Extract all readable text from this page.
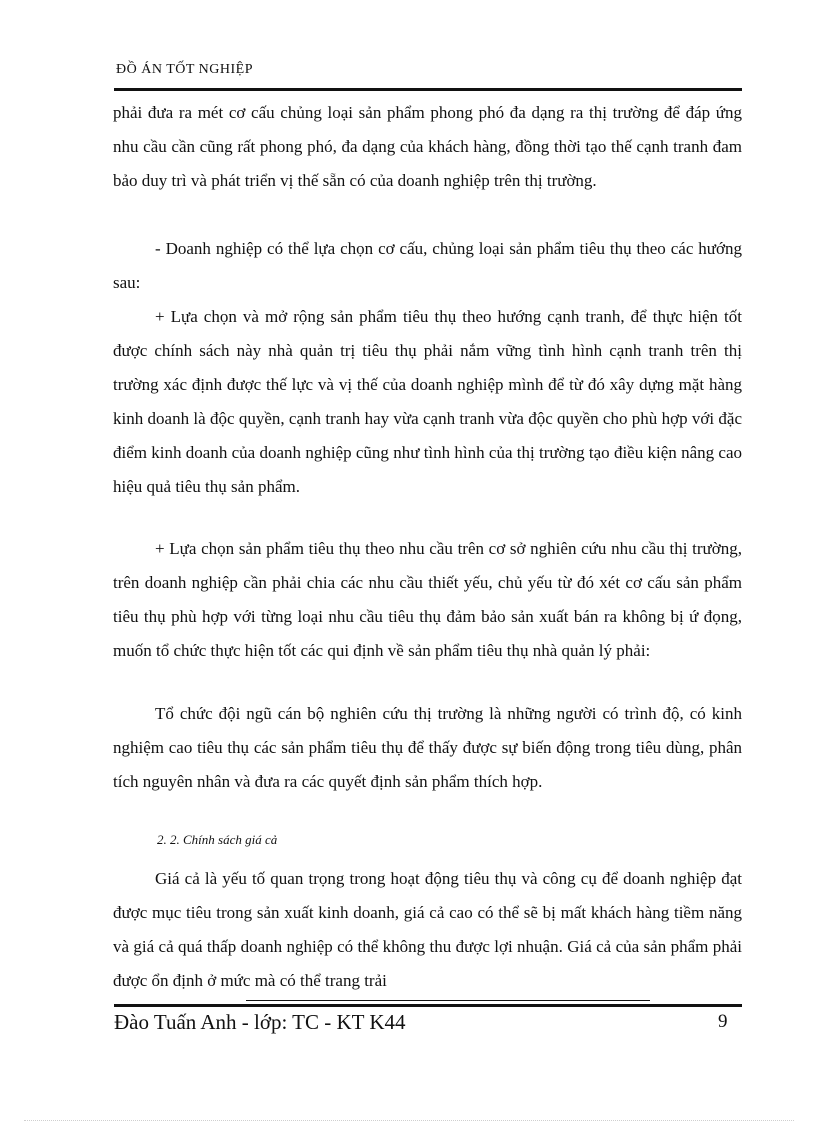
ĐỒ ÁN TỐT NGHIỆP

phải đưa ra mét cơ cấu chủng loại sản phẩm phong phó đa dạng ra thị trường để đáp ứng nhu cầu cần cũng rất phong phó, đa dạng của khách hàng, đồng thời tạo thế cạnh tranh đam bảo duy trì và phát triển vị thế sẵn có của doanh nghiệp trên thị trường.

- Doanh nghiệp có thể lựa chọn cơ cấu, chủng loại sản phẩm tiêu thụ theo các hướng sau:

+ Lựa chọn và mở rộng sản phẩm tiêu thụ theo hướng cạnh tranh, để thực hiện tốt được chính sách này nhà quản trị tiêu thụ phải nắm vững tình hình cạnh tranh trên thị trường xác định được thế lực và vị thế của doanh nghiệp mình để từ đó xây dựng mặt hàng kinh doanh là độc quyền, cạnh tranh hay vừa cạnh tranh vừa độc quyền cho phù hợp với đặc điểm kinh doanh của doanh nghiệp cũng như tình hình của thị trường tạo điều kiện nâng cao hiệu quả tiêu thụ sản phẩm.

+ Lựa chọn sản phẩm tiêu thụ theo nhu cầu trên cơ sở nghiên cứu nhu cầu thị trường, trên doanh nghiệp cần phải chia các nhu cầu thiết yếu, chủ yếu từ đó xét cơ cấu sản phẩm tiêu thụ phù hợp với từng loại nhu cầu tiêu thụ đảm bảo sản xuất bán ra không bị ứ đọng, muốn tổ chức thực hiện tốt các qui định về sản phẩm tiêu thụ nhà quản lý phải:

Tổ chức đội ngũ cán bộ nghiên cứu thị trường là những người có trình độ, có kinh nghiệm cao tiêu thụ các sản phẩm tiêu thụ để thấy được sự biến động trong tiêu dùng, phân tích nguyên nhân và đưa ra các quyết định sản phẩm thích hợp.

2. 2. Chính sách giá cả

Giá cả là yếu tố quan trọng trong hoạt động tiêu thụ và công cụ để doanh nghiệp đạt được mục tiêu trong sản xuất kinh doanh, giá cả cao có thể sẽ bị mất khách hàng tiềm năng và giá cả quá thấp doanh nghiệp có thể không thu được lợi nhuận. Giá cả của sản phẩm phải được ổn định ở mức mà có thể trang trải

Đào Tuấn Anh - lớp: TC - KT K44	9
